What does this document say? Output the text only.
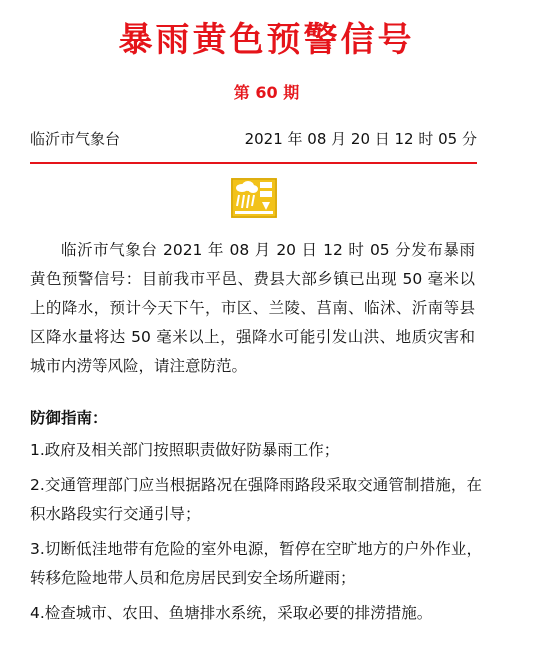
暴雨黄色预警信号
第 60 期
临沂市气象台	2021 年 08 月 20 日 12 时 05 分

临沂市气象台 2021 年 08 月 20 日 12 时 05 分发布暴雨黄色预警信号：目前我市平邑、费县大部乡镇已出现 50 毫米以上的降水，预计今天下午，市区、兰陵、莒南、临沭、沂南等县区降水量将达 50 毫米以上，强降水可能引发山洪、地质灾害和城市内涝等风险，请注意防范。

防御指南：

1.政府及相关部门按照职责做好防暴雨工作；
2.交通管理部门应当根据路况在强降雨路段采取交通管制措施，在积水路段实行交通引导；
3.切断低洼地带有危险的室外电源，暂停在空旷地方的户外作业，转移危险地带人员和危房居民到安全场所避雨；
4.检查城市、农田、鱼塘排水系统，采取必要的排涝措施。
